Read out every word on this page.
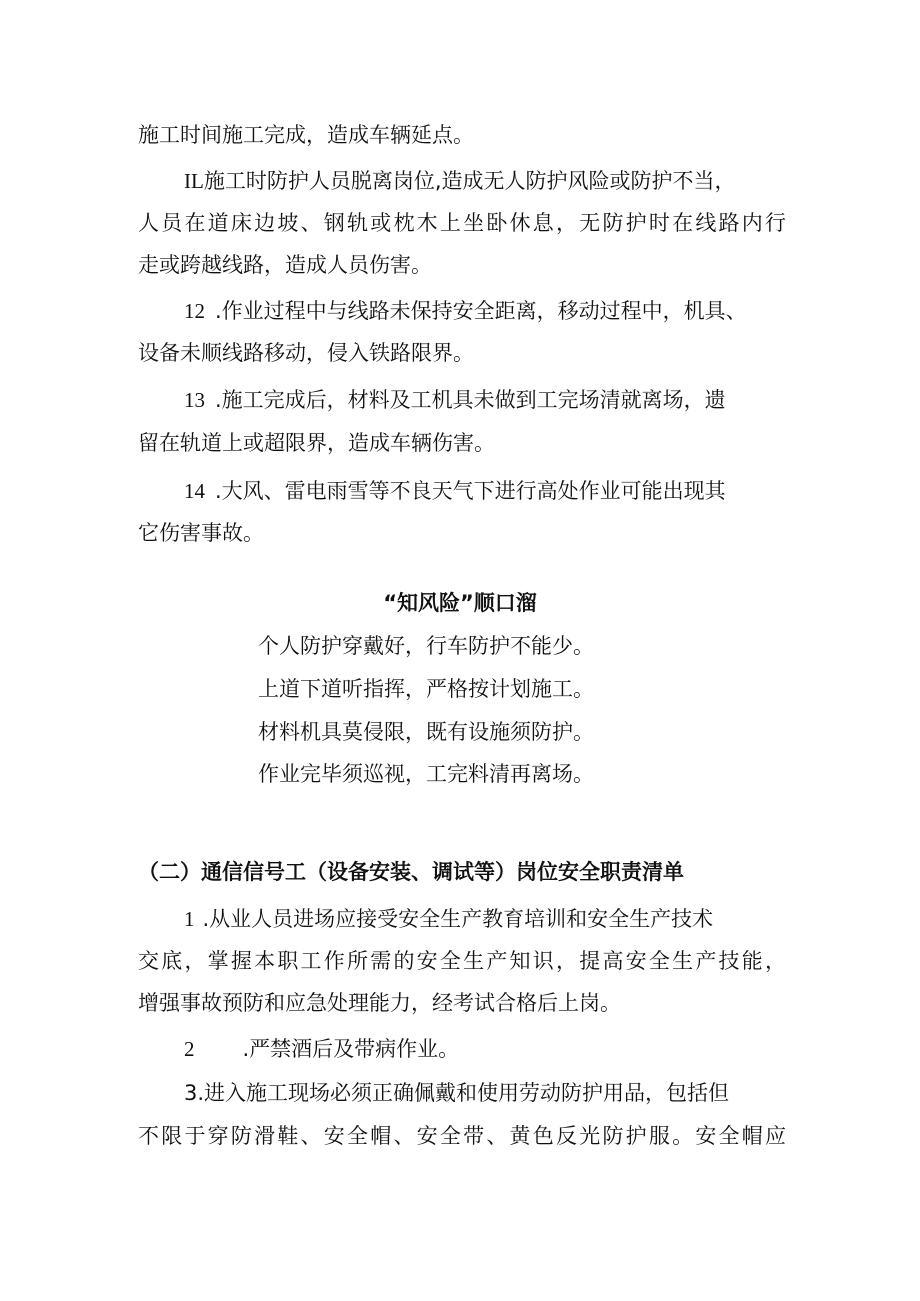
施工时间施工完成，造成车辆延点。
IL施工时防护人员脱离岗位,造成无人防护风险或防护不当，
人员在道床边坡、钢轨或枕木上坐卧休息，无防护时在线路内行
走或跨越线路，造成人员伤害。
12 .作业过程中与线路未保持安全距离，移动过程中，机具、
设备未顺线路移动，侵入铁路限界。
13 .施工完成后，材料及工机具未做到工完场清就离场，遗
留在轨道上或超限界，造成车辆伤害。
14 .大风、雷电雨雪等不良天气下进行高处作业可能出现其
它伤害事故。
“知风险”顺口溜
个人防护穿戴好，行车防护不能少。
上道下道听指挥，严格按计划施工。
材料机具莫侵限，既有设施须防护。
作业完毕须巡视，工完料清再离场。
（二）通信信号工（设备安装、调试等）岗位安全职责清单
1 .从业人员进场应接受安全生产教育培训和安全生产技术
交底，掌握本职工作所需的安全生产知识，提高安全生产技能，
增强事故预防和应急处理能力，经考试合格后上岗。
2 .严禁酒后及带病作业。
3.进入施工现场必须正确佩戴和使用劳动防护用品，包括但
不限于穿防滑鞋、安全帽、安全带、黄色反光防护服。安全帽应
